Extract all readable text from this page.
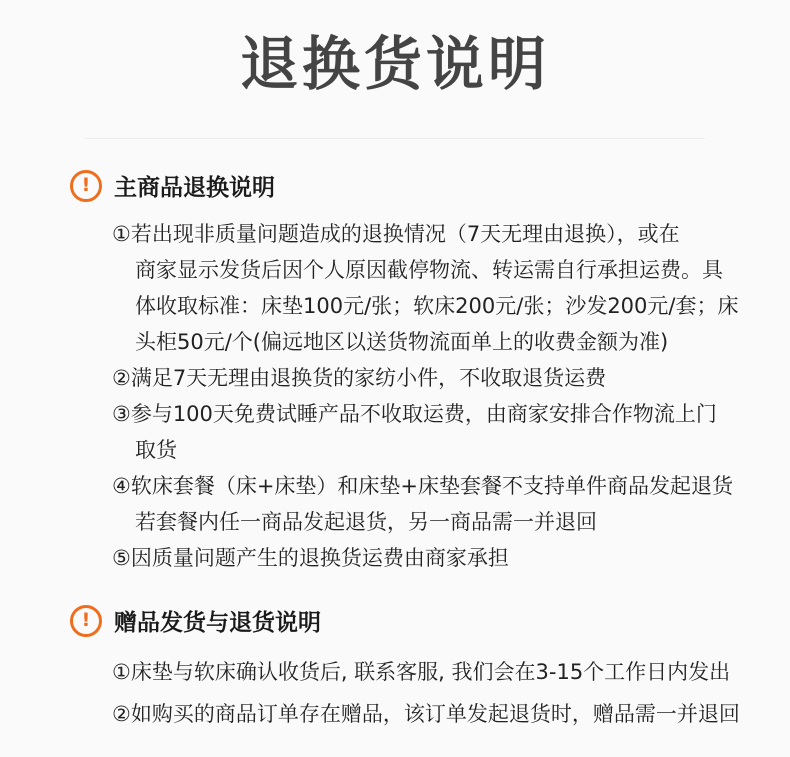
退换货说明
!	主商品退换说明
①若出现非质量问题造成的退换情况（7天无理由退换），或在
商家显示发货后因个人原因截停物流、转运需自行承担运费。具
体收取标准：床垫100元/张；软床200元/张；沙发200元/套；床
头柜50元/个(偏远地区以送货物流面单上的收费金额为准)
②满足7天无理由退换货的家纺小件，不收取退货运费
③参与100天免费试睡产品不收取运费，由商家安排合作物流上门
取货
④软床套餐（床+床垫）和床垫+床垫套餐不支持单件商品发起退货
若套餐内任一商品发起退货，另一商品需一并退回
⑤因质量问题产生的退换货运费由商家承担
!	赠品发货与退货说明
①床垫与软床确认收货后, 联系客服, 我们会在3-15个工作日内发出
②如购买的商品订单存在赠品，该订单发起退货时，赠品需一并退回
